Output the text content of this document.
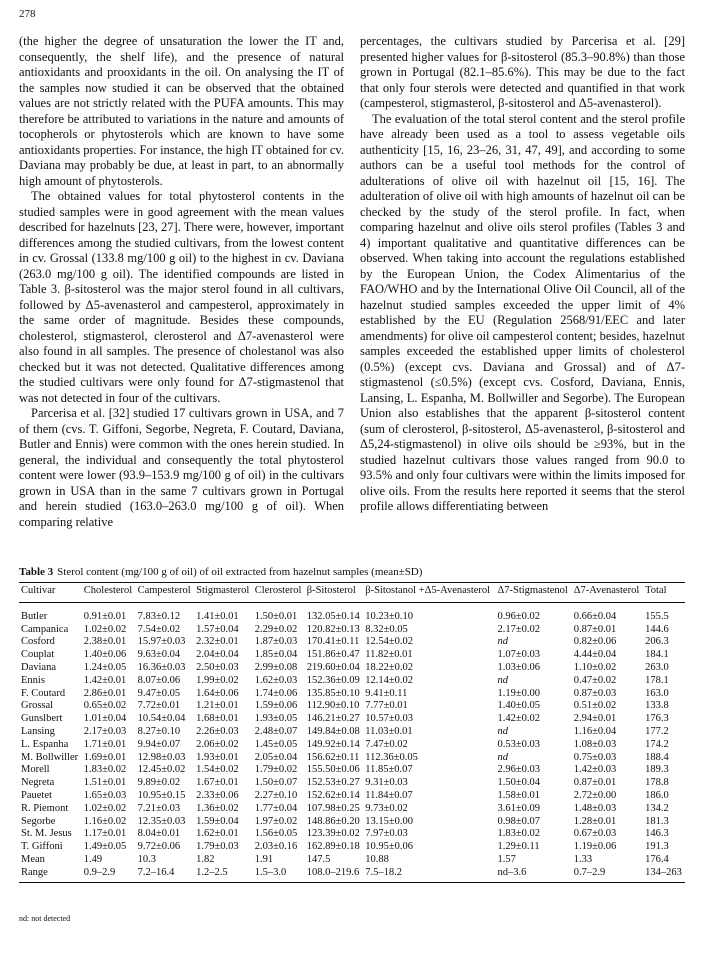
278

(the higher the degree of unsaturation the lower the IT and, consequently, the shelf life), and the presence of natural antioxidants and prooxidants in the oil. On analysing the IT of the samples now studied it can be observed that the obtained values are not strictly related with the PUFA amounts. This may therefore be attributed to variations in the nature and amounts of tocopherols or phytosterols which are known to have some antioxidants properties. For instance, the high IT obtained for cv. Daviana may probably be due, at least in part, to an abnormally high amount of phytosterols.

The obtained values for total phytosterol contents in the studied samples were in good agreement with the mean values described for hazelnuts [23, 27]. There were, however, important differences among the studied cultivars, from the lowest content in cv. Grossal (133.8 mg/100 g oil) to the highest in cv. Daviana (263.0 mg/100 g oil). The identified compounds are listed in Table 3. β-sitosterol was the major sterol found in all cultivars, followed by Δ5-avenasterol and campesterol, approximately in the same order of magnitude. Besides these compounds, cholesterol, stigmasterol, clerosterol and Δ7-avenasterol were also found in all samples. The presence of cholestanol was also checked but it was not detected. Qualitative differences among the studied cultivars were only found for Δ7-stigmastenol that was not detected in four of the cultivars.

Parcerisa et al. [32] studied 17 cultivars grown in USA, and 7 of them (cvs. T. Giffoni, Segorbe, Negreta, F. Coutard, Daviana, Butler and Ennis) were common with the ones herein studied. In general, the individual and consequently the total phytosterol content were lower (93.9–153.9 mg/100 g of oil) in the cultivars grown in USA than in the same 7 cultivars grown in Portugal and herein studied (163.0–263.0 mg/100 g of oil). When comparing relative

percentages, the cultivars studied by Parcerisa et al. [29] presented higher values for β-sitosterol (85.3–90.8%) than those grown in Portugal (82.1–85.6%). This may be due to the fact that only four sterols were detected and quantified in that work (campesterol, stigmasterol, β-sitosterol and Δ5-avenasterol).

The evaluation of the total sterol content and the sterol profile have already been used as a tool to assess vegetable oils authenticity [15, 16, 23–26, 31, 47, 49], and according to some authors can be a useful tool methods for the control of adulterations of olive oil with hazelnut oil [15, 16]. The adulteration of olive oil with high amounts of hazelnut oil can be checked by the study of the sterol profile. In fact, when comparing hazelnut and olive oils sterol profiles (Tables 3 and 4) important qualitative and quantitative differences can be observed. When taking into account the regulations established by the European Union, the Codex Alimentarius of the FAO/WHO and by the International Olive Oil Council, all of the hazelnut studied samples exceeded the upper limit of 4% established by the EU (Regulation 2568/91/EEC and later amendments) for olive oil campesterol content; besides, hazelnut samples exceeded the established upper limits of cholesterol (0.5%) (except cvs. Daviana and Grossal) and of Δ7-stigmastenol (≤0.5%) (except cvs. Cosford, Daviana, Ennis, Lansing, L. Espanha, M. Bollwiller and Segorbe). The European Union also establishes that the apparent β-sitosterol content (sum of clerosterol, β-sitosterol, Δ5-avenasterol, β-sitosterol and Δ5,24-stigmastenol) in olive oils should be ≥93%, but in the studied hazelnut cultivars those values ranged from 90.0 to 93.5% and only four cultivars were within the limits imposed for olive oils. From the results here reported it seems that the sterol profile allows differentiating between

Table 3 Sterol content (mg/100 g of oil) of oil extracted from hazelnut samples (mean±SD)
Cultivar	Cholesterol	Campesterol	Stigmasterol	Clerosterol	β-Sitosterol	β-Sitostanol +Δ5-Avenasterol	Δ7-Stigmastenol	Δ7-Avenasterol	Total
Butler	0.91±0.01	7.83±0.12	1.41±0.01	1.50±0.01	132.05±0.14	10.23±0.10	0.96±0.02	0.66±0.04	155.5
Campanica	1.02±0.02	7.54±0.02	1.57±0.04	2.29±0.02	120.82±0.13	8.32±0.05	2.17±0.02	0.87±0.01	144.6
Cosford	2.38±0.01	15.97±0.03	2.32±0.01	1.87±0.03	170.41±0.11	12.54±0.02	nd	0.82±0.06	206.3
Couplat	1.40±0.06	9.63±0.04	2.04±0.04	1.85±0.04	151.86±0.47	11.82±0.01	1.07±0.03	4.44±0.04	184.1
Daviana	1.24±0.05	16.36±0.03	2.50±0.03	2.99±0.08	219.60±0.04	18.22±0.02	1.03±0.06	1.10±0.02	263.0
Ennis	1.42±0.01	8.07±0.06	1.99±0.02	1.62±0.03	152.36±0.09	12.14±0.02	nd	0.47±0.02	178.1
F. Coutard	2.86±0.01	9.47±0.05	1.64±0.06	1.74±0.06	135.85±0.10	9.41±0.11	1.19±0.00	0.87±0.03	163.0
Grossal	0.65±0.02	7.72±0.01	1.21±0.01	1.59±0.06	112.90±0.10	7.77±0.01	1.40±0.05	0.51±0.02	133.8
Gunslbert	1.01±0.04	10.54±0.04	1.68±0.01	1.93±0.05	146.21±0.27	10.57±0.03	1.42±0.02	2.94±0.01	176.3
Lansing	2.17±0.03	8.27±0.10	2.26±0.03	2.48±0.07	149.84±0.08	11.03±0.01	nd	1.16±0.04	177.2
L. Espanha	1.71±0.01	9.94±0.07	2.06±0.02	1.45±0.05	149.92±0.14	7.47±0.02	0.53±0.03	1.08±0.03	174.2
M. Bollwiller	1.69±0.01	12.98±0.03	1.93±0.01	2.05±0.04	156.62±0.11	112.36±0.05	nd	0.75±0.03	188.4
Morell	1.83±0.02	12.45±0.02	1.54±0.02	1.79±0.02	155.50±0.06	11.85±0.07	2.96±0.03	1.42±0.03	189.3
Negreta	1.51±0.01	9.89±0.02	1.67±0.01	1.50±0.07	152.53±0.27	9.31±0.03	1.50±0.04	0.87±0.01	178.8
Pauetet	1.65±0.03	10.95±0.15	2.33±0.06	2.27±0.10	152.62±0.14	11.84±0.07	1.58±0.01	2.72±0.00	186.0
R. Piemont	1.02±0.02	7.21±0.03	1.36±0.02	1.77±0.04	107.98±0.25	9.73±0.02	3.61±0.09	1.48±0.03	134.2
Segorbe	1.16±0.02	12.35±0.03	1.59±0.04	1.97±0.02	148.86±0.20	13.15±0.00	0.98±0.07	1.28±0.01	181.3
St. M. Jesus	1.17±0.01	8.04±0.01	1.62±0.01	1.56±0.05	123.39±0.02	7.97±0.03	1.83±0.02	0.67±0.03	146.3
T. Giffoni	1.49±0.05	9.72±0.06	1.79±0.03	2.03±0.16	162.89±0.18	10.95±0.06	1.29±0.11	1.19±0.06	191.3
Mean	1.49	10.3	1.82	1.91	147.5	10.88	1.57	1.33	176.4
Range	0.9–2.9	7.2–16.4	1.2–2.5	1.5–3.0	108.0–219.6	7.5–18.2	nd–3.6	0.7–2.9	134–263
nd: not detected
